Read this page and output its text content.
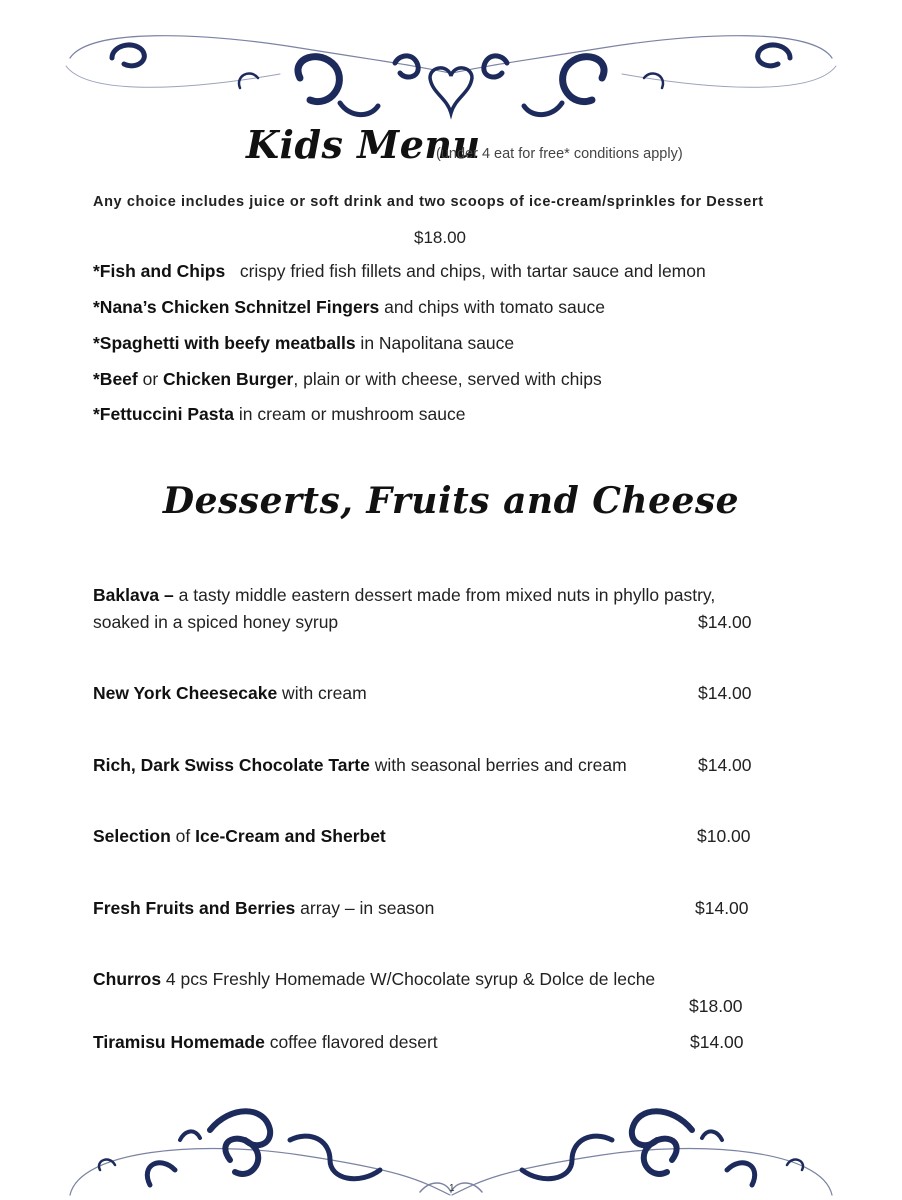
Kids Menu
(under 4 eat for free* conditions apply)
Any choice includes juice or soft drink and two scoops of ice-cream/sprinkles for Dessert
$18.00
*Fish and Chips   crispy fried fish fillets and chips, with tartar sauce and lemon
*Nana’s Chicken Schnitzel Fingers and chips with tomato sauce
*Spaghetti with beefy meatballs in Napolitana sauce
*Beef or Chicken Burger, plain or with cheese, served with chips
*Fettuccini Pasta in cream or mushroom sauce
Desserts, Fruits and Cheese
Baklava – a tasty middle eastern dessert made from mixed nuts in phyllo pastry,
soaked in a spiced honey syrup	$14.00
New York Cheesecake with cream	$14.00
Rich, Dark Swiss Chocolate Tarte with seasonal berries and cream	$14.00
Selection of Ice-Cream and Sherbet	$10.00
Fresh Fruits and Berries array – in season	$14.00
Churros 4 pcs Freshly Homemade W/Chocolate syrup & Dolce de leche
$18.00
Tiramisu Homemade coffee flavored desert	$14.00
1
